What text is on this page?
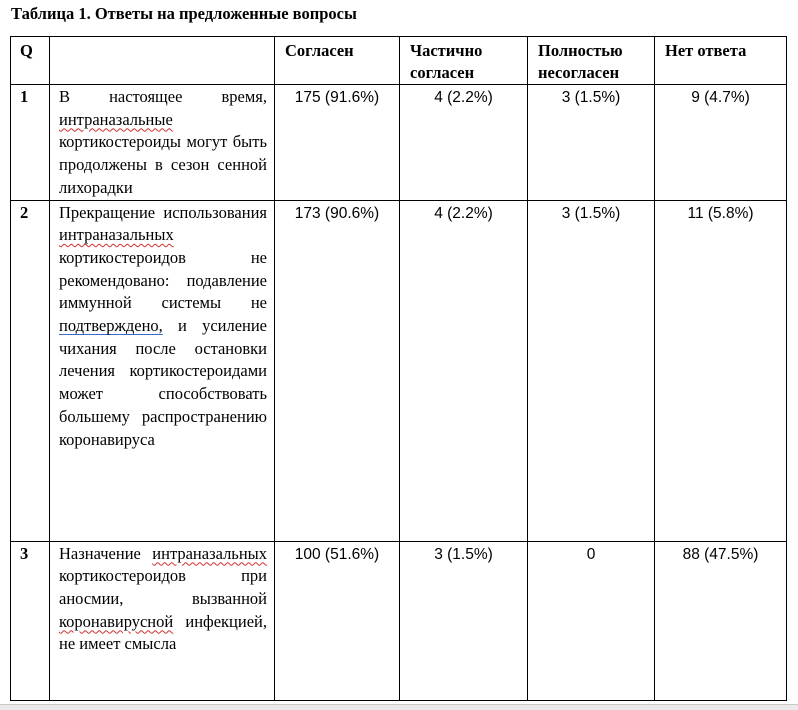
Таблица 1. Ответы на предложенные вопросы
Q		Согласен	Частично согласен	Полностью несогласен	Нет ответа
1	В настоящее время, интраназальные кортикостероиды могут быть продолжены в сезон сенной лихорадки	175 (91.6%)	4 (2.2%)	3 (1.5%)	9 (4.7%)
2	Прекращение использования интраназальных кортикостероидов не рекомендовано: подавление иммунной системы не подтверждено, и усиление чихания после остановки лечения кортикостероидами может способствовать большему распространению коронавируса	173 (90.6%)	4 (2.2%)	3 (1.5%)	11 (5.8%)
3	Назначение интраназальных кортикостероидов при аносмии, вызванной коронавирусной инфекцией, не имеет смысла	100 (51.6%)	3 (1.5%)	0	88 (47.5%)
